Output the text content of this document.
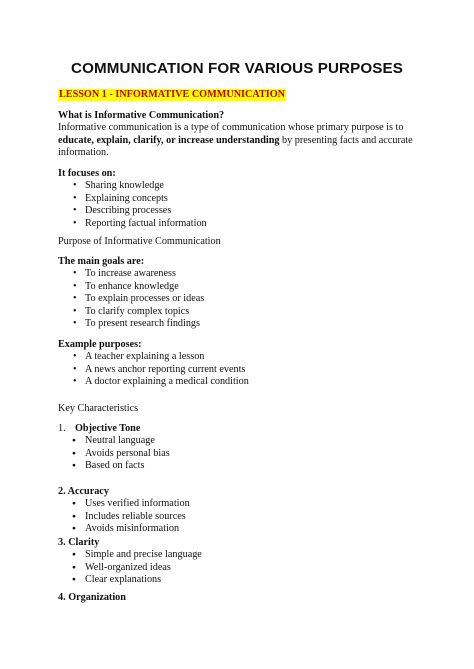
COMMUNICATION FOR VARIOUS PURPOSES
LESSON 1 - INFORMATIVE COMMUNICATION
What is Informative Communication?
Informative communication is a type of communication whose primary purpose is to educate, explain, clarify, or increase understanding by presenting facts and accurate information.
It focuses on:
• Sharing knowledge
• Explaining concepts
• Describing processes
• Reporting factual information
Purpose of Informative Communication
The main goals are:
• To increase awareness
• To enhance knowledge
• To explain processes or ideas
• To clarify complex topics
• To present research findings
Example purposes:
• A teacher explaining a lesson
• A news anchor reporting current events
• A doctor explaining a medical condition
Key Characteristics
1. Objective Tone
● Neutral language
● Avoids personal bias
● Based on facts
2. Accuracy
● Uses verified information
● Includes reliable sources
● Avoids misinformation
3. Clarity
● Simple and precise language
● Well-organized ideas
● Clear explanations
4. Organization
